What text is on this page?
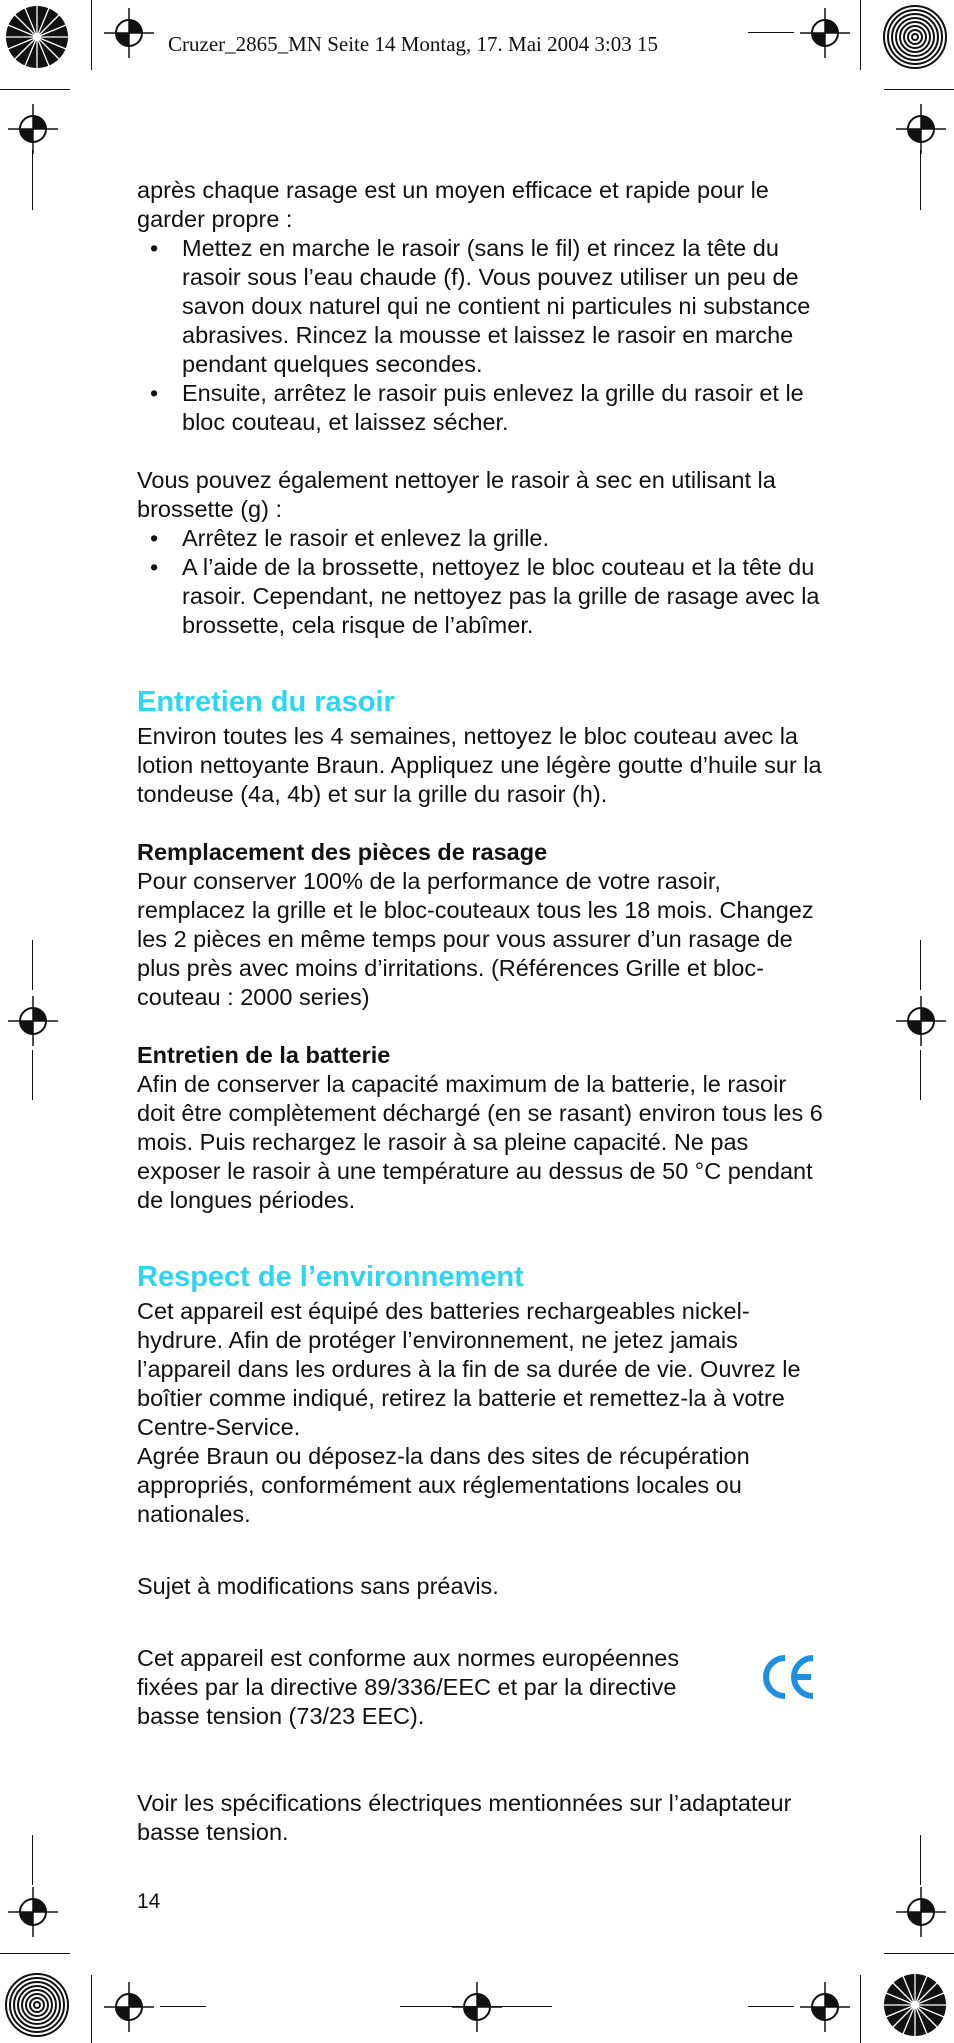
Cruzer_2865_MN Seite 14 Montag, 17. Mai 2004 3:03 15

après chaque rasage est un moyen efficace et rapide pour le garder propre :

• Mettez en marche le rasoir (sans le fil) et rincez la tête du rasoir sous l’eau chaude (f). Vous pouvez utiliser un peu de savon doux naturel qui ne contient ni particules ni substance abrasives. Rincez la mousse et laissez le rasoir en marche pendant quelques secondes.
• Ensuite, arrêtez le rasoir puis enlevez la grille du rasoir et le bloc couteau, et laissez sécher.

Vous pouvez également nettoyer le rasoir à sec en utilisant la brossette (g) :

• Arrêtez le rasoir et enlevez la grille.
• A l’aide de la brossette, nettoyez le bloc couteau et la tête du rasoir. Cependant, ne nettoyez pas la grille de rasage avec la brossette, cela risque de l’abîmer.
Entretien du rasoir

Environ toutes les 4 semaines, nettoyez le bloc couteau avec la lotion nettoyante Braun. Appliquez une légère goutte d’huile sur la tondeuse (4a, 4b) et sur la grille du rasoir (h).

Remplacement des pièces de rasage

Pour conserver 100% de la performance de votre rasoir, remplacez la grille et le bloc-couteaux tous les 18 mois. Changez les 2 pièces en même temps pour vous assurer d’un rasage de plus près avec moins d’irritations. (Références Grille et bloc-couteau : 2000 series)

Entretien de la batterie

Afin de conserver la capacité maximum de la batterie, le rasoir doit être complètement déchargé (en se rasant) environ tous les 6 mois. Puis rechargez le rasoir à sa pleine capacité. Ne pas exposer le rasoir à une température au dessus de 50 °C pendant de longues périodes.

Respect de l’environnement

Cet appareil est équipé des batteries rechargeables nickel-hydrure. Afin de protéger l’environnement, ne jetez jamais l’appareil dans les ordures à la fin de sa durée de vie. Ouvrez le boîtier comme indiqué, retirez la batterie et remettez-la à votre Centre-Service.

Agrée Braun ou déposez-la dans des sites de récupération appropriés, conformément aux réglementations locales ou nationales.

Sujet à modifications sans préavis.

Cet appareil est conforme aux normes européennes fixées par la directive 89/336/EEC et par la directive basse tension (73/23 EEC).

Voir les spécifications électriques mentionnées sur l’adaptateur basse tension.

14
